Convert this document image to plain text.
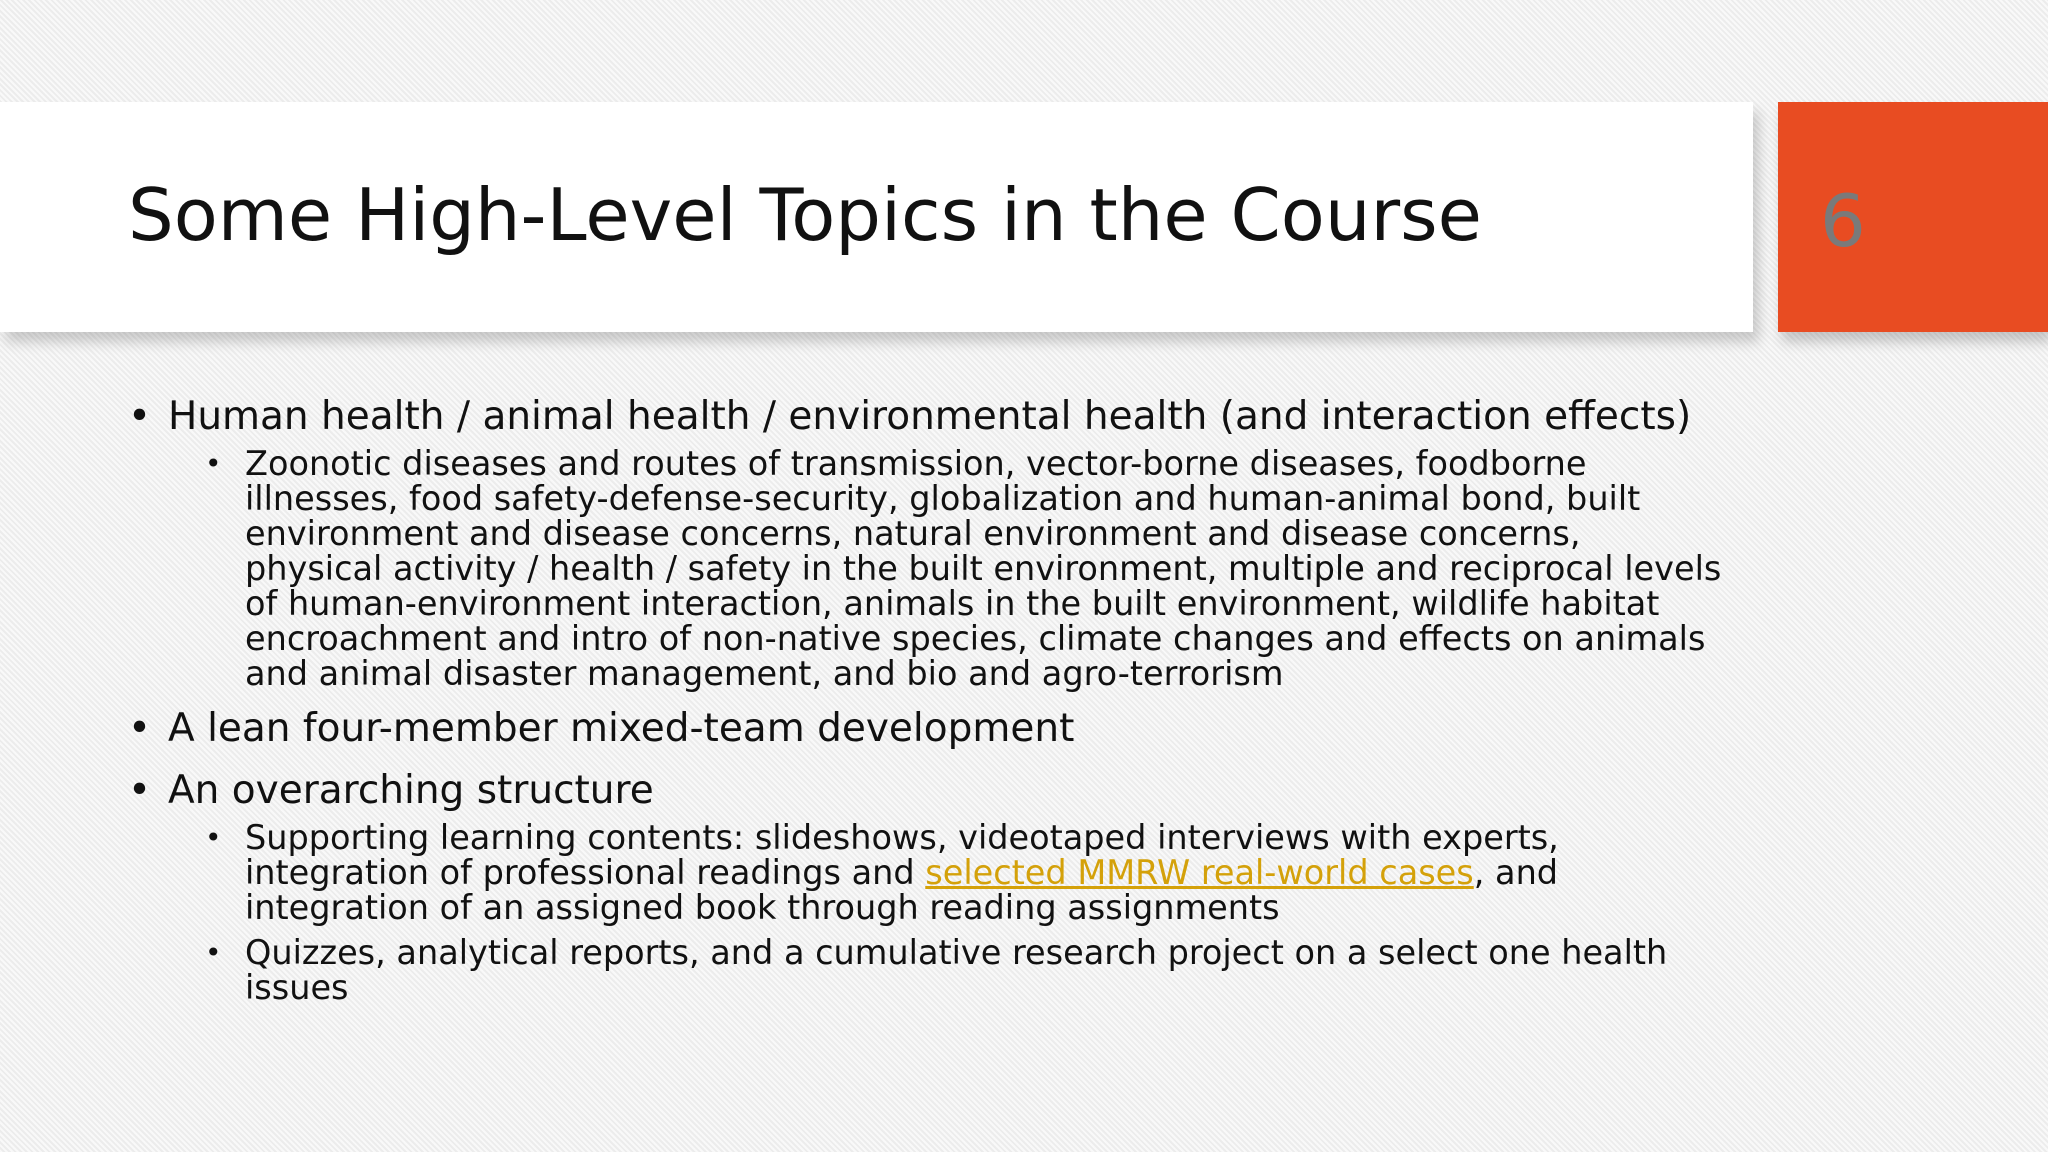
Some High-Level Topics in the Course	6
• Human health / animal health / environmental health (and interaction effects)
• Zoonotic diseases and routes of transmission, vector-borne diseases, foodborne illnesses, food safety-defense-security, globalization and human-animal bond, built environment and disease concerns, natural environment and disease concerns, physical activity / health / safety in the built environment, multiple and reciprocal levels of human-environment interaction, animals in the built environment, wildlife habitat encroachment and intro of non-native species, climate changes and effects on animals and animal disaster management, and bio and agro-terrorism
• A lean four-member mixed-team development
• An overarching structure
• Supporting learning contents: slideshows, videotaped interviews with experts, integration of professional readings and selected MMRW real-world cases, and integration of an assigned book through reading assignments
• Quizzes, analytical reports, and a cumulative research project on a select one health issues
